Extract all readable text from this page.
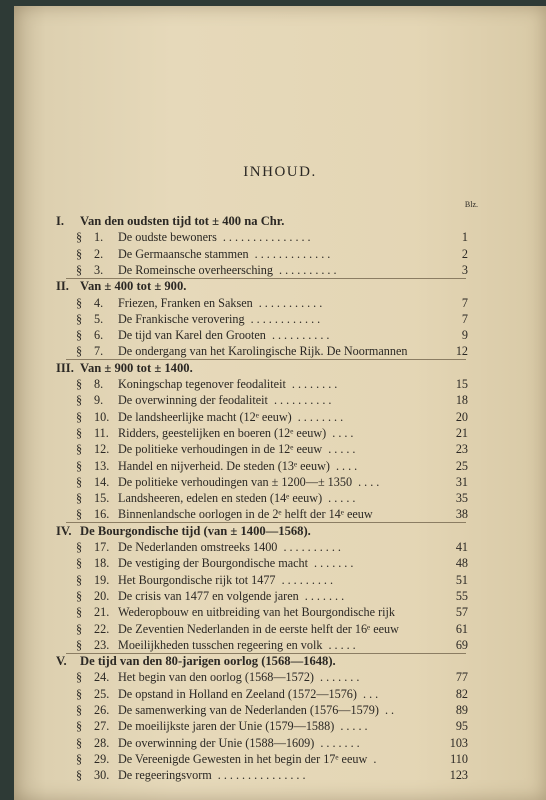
INHOUD.
Blz.
I. Van den oudsten tijd tot ± 400 na Chr.
§ 1. De oudste bewoners ...............	1
§ 2. De Germaansche stammen .............	2
§ 3. De Romeinsche overheersching ..........	3
II. Van ± 400 tot ± 900.
§ 4. Friezen, Franken en Saksen ...........	7
§ 5. De Frankische verovering ............	7
§ 6. De tijd van Karel den Grooten ..........	9
§ 7. De ondergang van het Karolingische Rijk. De Noormannen	12
III. Van ± 900 tot ± 1400.
§ 8. Koningschap tegenover feodaliteit ........	15
§ 9. De overwinning der feodaliteit ..........	18
§ 10. De landsheerlijke macht (12ᵉ eeuw) ........	20
§ 11. Ridders, geestelijken en boeren (12ᵉ eeuw) ....	21
§ 12. De politieke verhoudingen in de 12ᵉ eeuw .....	23
§ 13. Handel en nijverheid. De steden (13ᵉ eeuw) ....	25
§ 14. De politieke verhoudingen van ± 1200—± 1350 ....	31
§ 15. Landsheeren, edelen en steden (14ᵉ eeuw) .....	35
§ 16. Binnenlandsche oorlogen in de 2ᵉ helft der 14ᵉ eeuw	38
IV. De Bourgondische tijd (van ± 1400—1568).
§ 17. De Nederlanden omstreeks 1400 ..........	41
§ 18. De vestiging der Bourgondische macht .......	48
§ 19. Het Bourgondische rijk tot 1477 .........	51
§ 20. De crisis van 1477 en volgende jaren .......	55
§ 21. Wederopbouw en uitbreiding van het Bourgondische rijk	57
§ 22. De Zeventien Nederlanden in de eerste helft der 16ᵉ eeuw	61
§ 23. Moeilijkheden tusschen regeering en volk .....	69
V. De tijd van den 80-jarigen oorlog (1568—1648).
§ 24. Het begin van den oorlog (1568—1572) .......	77
§ 25. De opstand in Holland en Zeeland (1572—1576) ...	82
§ 26. De samenwerking van de Nederlanden (1576—1579) ..	89
§ 27. De moeilijkste jaren der Unie (1579—1588) .....	95
§ 28. De overwinning der Unie (1588—1609) .......	103
§ 29. De Vereenigde Gewesten in het begin der 17ᵉ eeuw .	110
§ 30. De regeeringsvorm ...............	123
